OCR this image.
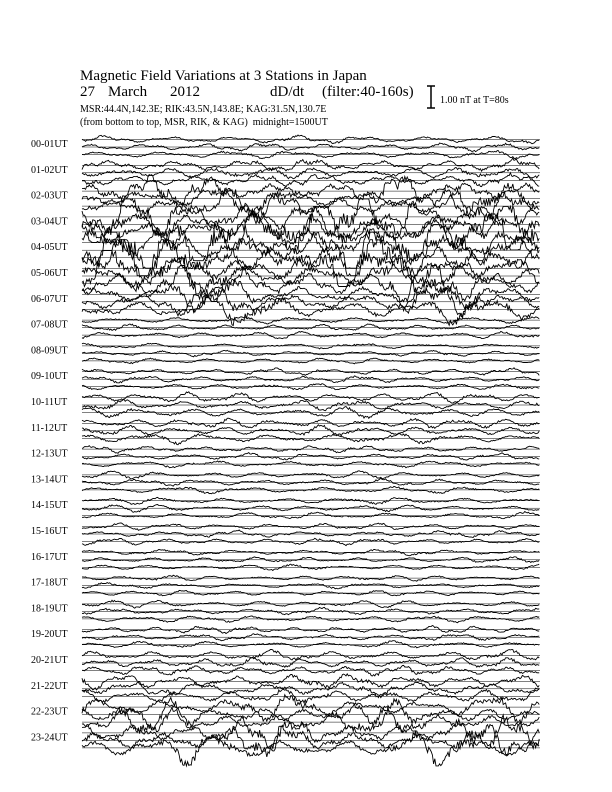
Magnetic Field Variations at 3 Stations in Japan
27 March 2012	dD/dt (filter:40-160s)
MSR:44.4N,142.3E; RIK:43.5N,143.8E; KAG:31.5N,130.7E
(from bottom to top, MSR, RIK, & KAG) midnight=1500UT
1.00 nT at T=80s
00-01UT
01-02UT
02-03UT
03-04UT
04-05UT
05-06UT
06-07UT
07-08UT
08-09UT
09-10UT
10-11UT
11-12UT
12-13UT
13-14UT
14-15UT
15-16UT
16-17UT
17-18UT
18-19UT
19-20UT
20-21UT
21-22UT
22-23UT
23-24UT
